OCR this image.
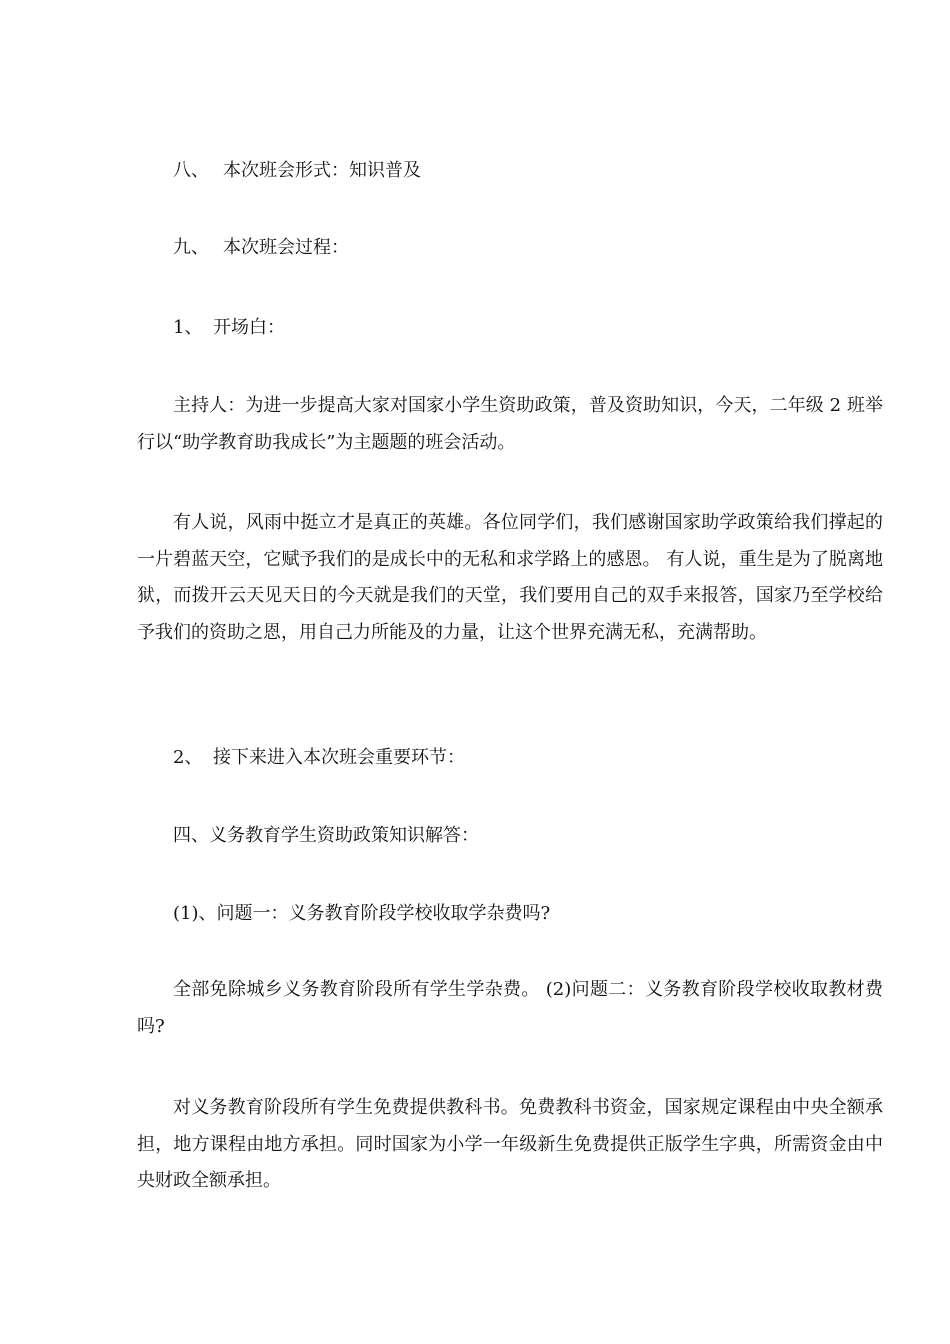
八、 本次班会形式：知识普及

九、 本次班会过程：

1、 开场白：

主持人：为进一步提高大家对国家小学生资助政策，普及资助知识，今天，二年级 2 班举行以“助学教育助我成长”为主题题的班会活动。

有人说，风雨中挺立才是真正的英雄。各位同学们，我们感谢国家助学政策给我们撑起的一片碧蓝天空，它赋予我们的是成长中的无私和求学路上的感恩。 有人说，重生是为了脱离地狱，而拨开云天见天日的今天就是我们的天堂，我们要用自己的双手来报答，国家乃至学校给予我们的资助之恩，用自己力所能及的力量，让这个世界充满无私，充满帮助。

2、 接下来进入本次班会重要环节：

四、义务教育学生资助政策知识解答：

(1)、问题一：义务教育阶段学校收取学杂费吗?

全部免除城乡义务教育阶段所有学生学杂费。 (2)问题二：义务教育阶段学校收取教材费吗?

对义务教育阶段所有学生免费提供教科书。免费教科书资金，国家规定课程由中央全额承担，地方课程由地方承担。同时国家为小学一年级新生免费提供正版学生字典，所需资金由中央财政全额承担。
